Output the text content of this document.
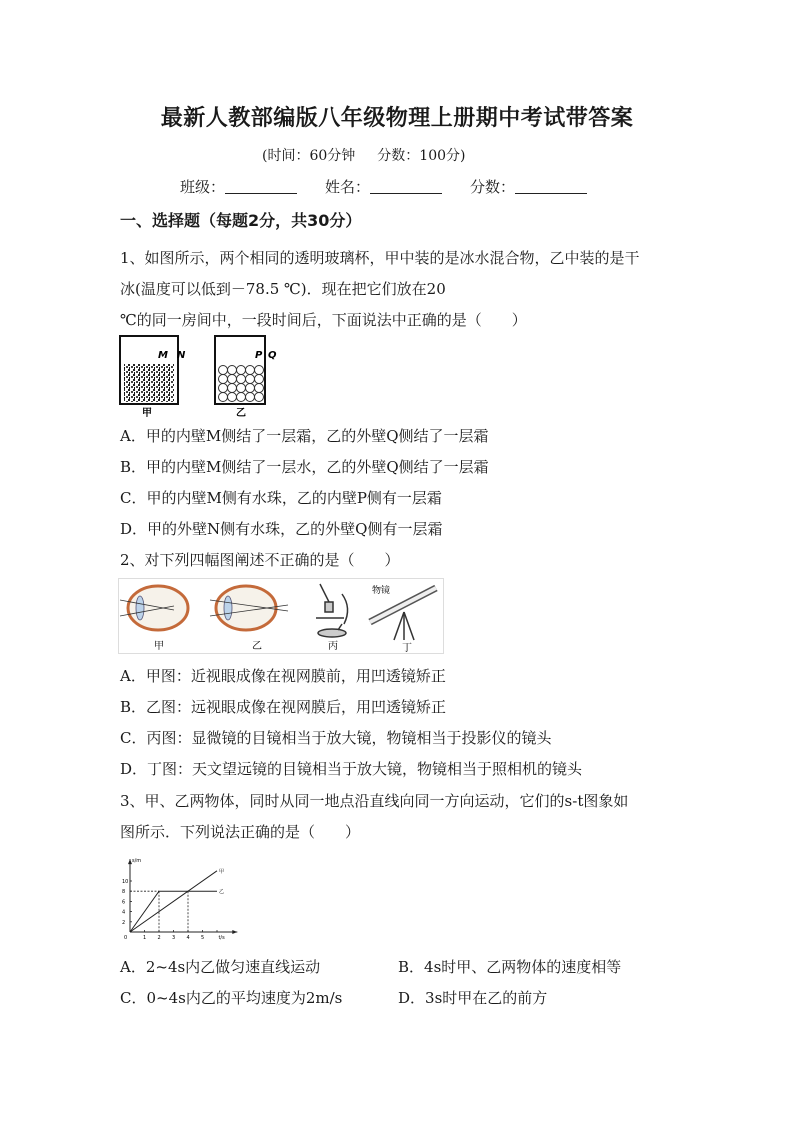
最新人教部编版八年级物理上册期中考试带答案
(时间：60分钟 分数：100分)
班级：	姓名：	分数：
一、选择题（每题2分，共30分）
1、如图所示，两个相同的透明玻璃杯，甲中装的是冰水混合物，乙中装的是干
冰(温度可以低到－78.5 ℃)．现在把它们放在20
℃的同一房间中，一段时间后，下面说法中正确的是（　　）
M N
甲
P Q
乙
A．甲的内壁M侧结了一层霜，乙的外壁Q侧结了一层霜
B．甲的内壁M侧结了一层水，乙的外壁Q侧结了一层霜
C．甲的内壁M侧有水珠，乙的内壁P侧有一层霜
D．甲的外壁N侧有水珠，乙的外壁Q侧有一层霜
2、对下列四幅图阐述不正确的是（　　）
甲	乙	丙
物镜
丁
A．甲图：近视眼成像在视网膜前，用凹透镜矫正
B．乙图：远视眼成像在视网膜后，用凹透镜矫正
C．丙图：显微镜的目镜相当于放大镜，物镜相当于投影仪的镜头
D．丁图：天文望远镜的目镜相当于放大镜，物镜相当于照相机的镜头
3、甲、乙两物体，同时从同一地点沿直线向同一方向运动，它们的s-t图象如
图所示．下列说法正确的是（　　）
s/m
t/s
1 2 3 4 5
0
2
4
6
8
10
甲
乙
A．2~4s内乙做匀速直线运动	B．4s时甲、乙两物体的速度相等
C．0~4s内乙的平均速度为2m/s	D．3s时甲在乙的前方
